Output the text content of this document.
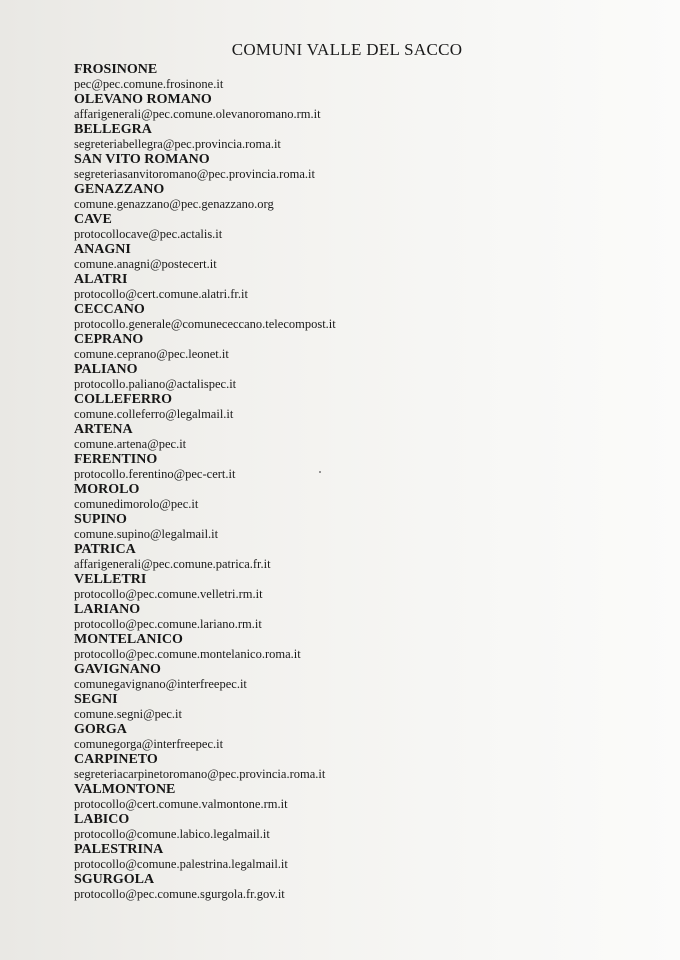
COMUNI VALLE DEL SACCO
FROSINONE
pec@pec.comune.frosinone.it
OLEVANO ROMANO
affarigenerali@pec.comune.olevanoromano.rm.it
BELLEGRA
segreteriabellegra@pec.provincia.roma.it
SAN VITO ROMANO
segreteriasanvitoromano@pec.provincia.roma.it
GENAZZANO
comune.genazzano@pec.genazzano.org
CAVE
protocollocave@pec.actalis.it
ANAGNI
comune.anagni@postecert.it
ALATRI
protocollo@cert.comune.alatri.fr.it
CECCANO
protocollo.generale@comunececcano.telecompost.it
CEPRANO
comune.ceprano@pec.leonet.it
PALIANO
protocollo.paliano@actalispec.it
COLLEFERRO
comune.colleferro@legalmail.it
ARTENA
comune.artena@pec.it
FERENTINO
protocollo.ferentino@pec-cert.it
MOROLO
comunedimorolo@pec.it
SUPINO
comune.supino@legalmail.it
PATRICA
affarigenerali@pec.comune.patrica.fr.it
VELLETRI
protocollo@pec.comune.velletri.rm.it
LARIANO
protocollo@pec.comune.lariano.rm.it
MONTELANICO
protocollo@pec.comune.montelanico.roma.it
GAVIGNANO
comunegavignano@interfreepec.it
SEGNI
comune.segni@pec.it
GORGA
comunegorga@interfreepec.it
CARPINETO
segreteriacarpinetoromano@pec.provincia.roma.it
VALMONTONE
protocollo@cert.comune.valmontone.rm.it
LABICO
protocollo@comune.labico.legalmail.it
PALESTRINA
protocollo@comune.palestrina.legalmail.it
SGURGOLA
protocollo@pec.comune.sgurgola.fr.gov.it
